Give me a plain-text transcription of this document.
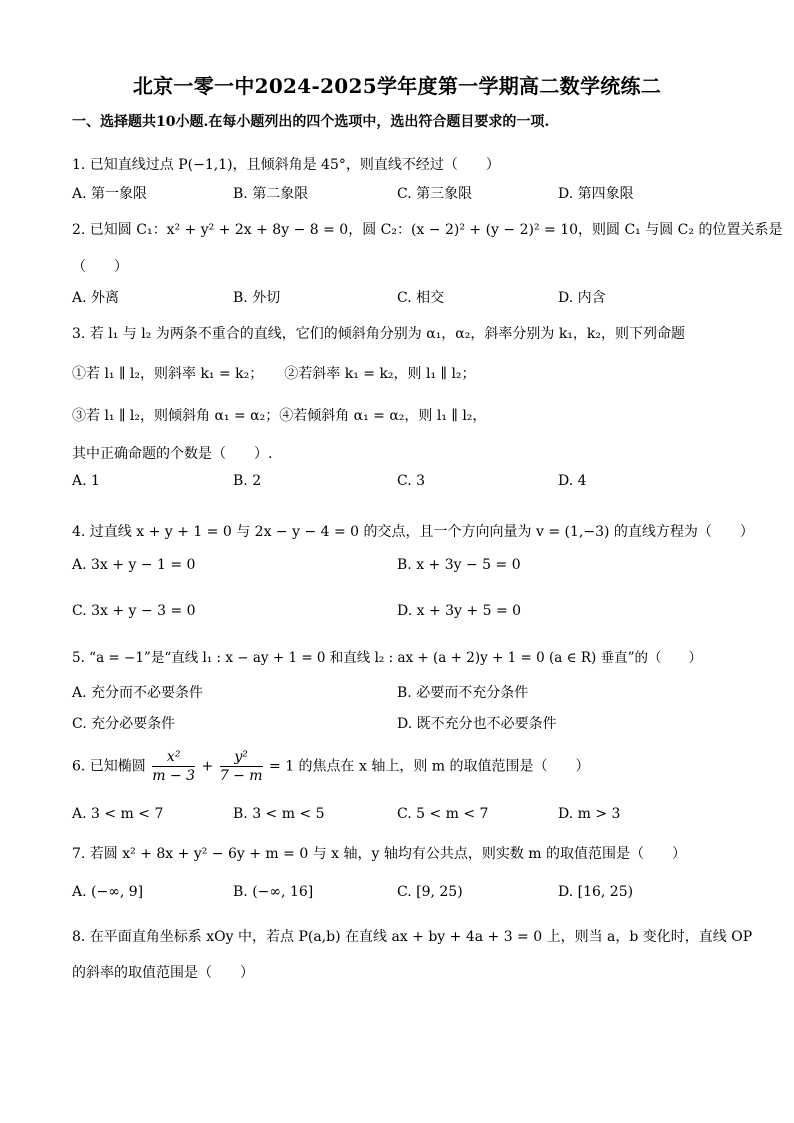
北京一零一中2024-2025学年度第一学期高二数学统练二
一、选择题共10小题.在每小题列出的四个选项中，选出符合题目要求的一项.
1. 已知直线过点 P(−1,1)，且倾斜角是 45°，则直线不经过（　　）
A. 第一象限	B. 第二象限	C. 第三象限	D. 第四象限
2. 已知圆 C₁：x² + y² + 2x + 8y − 8 = 0，圆 C₂：(x − 2)² + (y − 2)² = 10，则圆 C₁ 与圆 C₂ 的位置关系是
（　　）
A. 外离	B. 外切	C. 相交	D. 内含
3. 若 l₁ 与 l₂ 为两条不重合的直线，它们的倾斜角分别为 α₁，α₂，斜率分别为 k₁，k₂，则下列命题
①若 l₁ ∥ l₂，则斜率 k₁ = k₂；　　②若斜率 k₁ = k₂，则 l₁ ∥ l₂；
③若 l₁ ∥ l₂，则倾斜角 α₁ = α₂；④若倾斜角 α₁ = α₂，则 l₁ ∥ l₂，
其中正确命题的个数是（　　）.
A. 1	B. 2	C. 3	D. 4
4. 过直线 x + y + 1 = 0 与 2x − y − 4 = 0 的交点，且一个方向向量为 v = (1,−3) 的直线方程为（　　）
A. 3x + y − 1 = 0	B. x + 3y − 5 = 0
C. 3x + y − 3 = 0	D. x + 3y + 5 = 0
5. “a = −1”是“直线 l₁ : x − ay + 1 = 0 和直线 l₂ : ax + (a + 2)y + 1 = 0 (a ∈ R) 垂直”的（　　）
A. 充分而不必要条件	B. 必要而不充分条件
C. 充分必要条件	D. 既不充分也不必要条件
6. 已知椭圆 $\frac{\text{x²}}{m - 3} + \frac{\text{y²}}{7 - m} = 1$ 的焦点在 x 轴上，则 m 的取值范围是（　　）
A. 3 < m < 7	B. 3 < m < 5	C. 5 < m < 7	D. m > 3
7. 若圆 x² + 8x + y² − 6y + m = 0 与 x 轴，y 轴均有公共点，则实数 m 的取值范围是（　　）
A. (−∞, 9]	B. (−∞, 16]	C. [9, 25)	D. [16, 25)
8. 在平面直角坐标系 xOy 中，若点 P(a,b) 在直线 ax + by + 4a + 3 = 0 上，则当 a，b 变化时，直线 OP
的斜率的取值范围是（　　）
